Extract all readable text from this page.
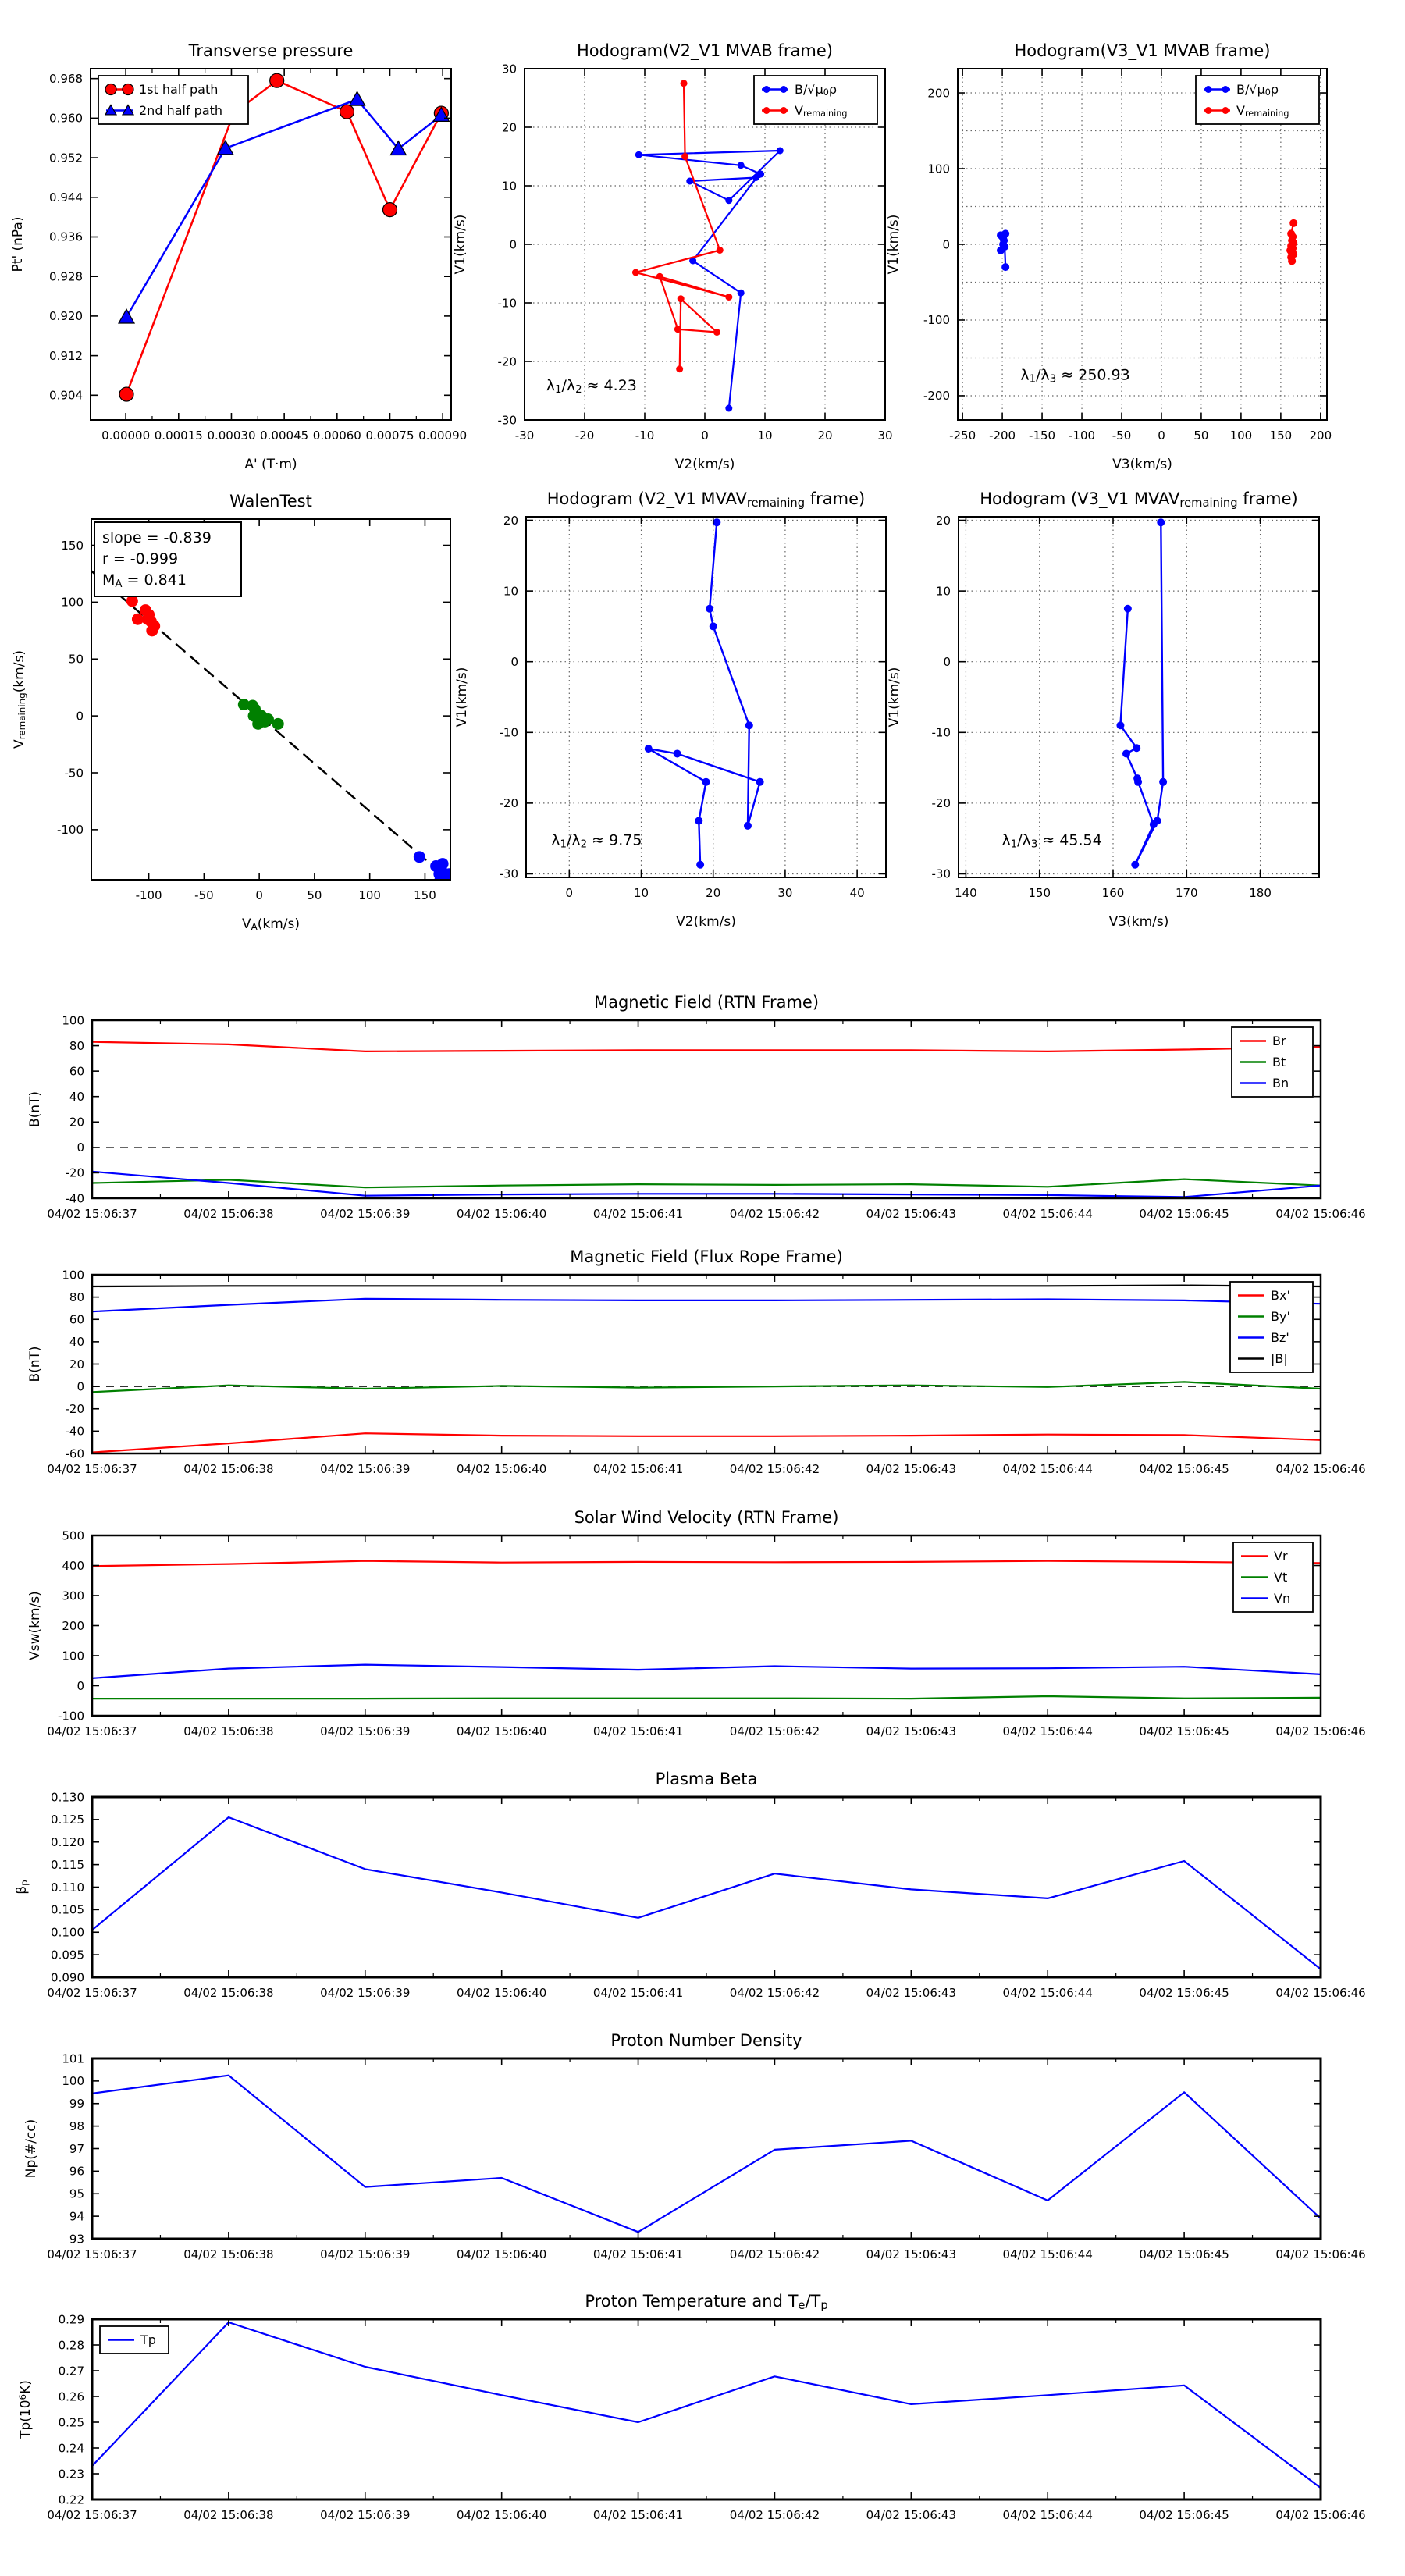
0.00000 0.00015 0.00030 0.00045 0.00060 0.00075 0.00090
0.904
0.912
0.920
0.928
0.936
0.944
0.952
0.960
0.968
Transverse pressure
A' (T·m)
Pt' (nPa)
1st half path
2nd half path
-30	-20	-10	0	10	20	30
-30
-20
-10
0
10
20
30
Hodogram(V2_V1 MVAB frame)
V2(km/s)
V1(km/s)
λ1/λ2 ≈ 4.23
B/√μ0ρ
Vremaining
-250 -200 -150 -100 -50 0 50 100 150 200
-200
-100
0
100
200
Hodogram(V3_V1 MVAB frame)
V3(km/s)
V1(km/s)
λ1/λ3 ≈ 250.93
B/√μ0ρ
Vremaining
-100	-50	0	50	100	150
-100
-50
0
50
100
150
WalenTest
VA(km/s)
Vremaining(km/s)
slope = -0.839
r = -0.999
MA = 0.841
0	10	20	30	40
-30
-20
-10
0
10
20
Hodogram (V2_V1 MVAVremaining frame)
V2(km/s)
V1(km/s)
λ1/λ2 ≈ 9.75
140	150	160	170	180
-30
-20
-10
0
10
20
Hodogram (V3_V1 MVAVremaining frame)
V3(km/s)
V1(km/s)
λ1/λ3 ≈ 45.54
04/02 15:06:37	04/02 15:06:38	04/02 15:06:39	04/02 15:06:40	04/02 15:06:41	04/02 15:06:42	04/02 15:06:43	04/02 15:06:44	04/02 15:06:45	04/02 15:06:46
-40
-20
0
20
40
60
80
100
Magnetic Field (RTN Frame)
B(nT)
Br
Bt
Bn
04/02 15:06:37	04/02 15:06:38	04/02 15:06:39	04/02 15:06:40	04/02 15:06:41	04/02 15:06:42	04/02 15:06:43	04/02 15:06:44	04/02 15:06:45	04/02 15:06:46
-60
-40
-20
0
20
40
60
80
100
Magnetic Field (Flux Rope Frame)
B(nT)
Bx'
By'
Bz'
|B|
04/02 15:06:37	04/02 15:06:38	04/02 15:06:39	04/02 15:06:40	04/02 15:06:41	04/02 15:06:42	04/02 15:06:43	04/02 15:06:44	04/02 15:06:45	04/02 15:06:46
-100
0
100
200
300
400
500
Solar Wind Velocity (RTN Frame)
Vsw(km/s)
Vr
Vt
Vn
04/02 15:06:37	04/02 15:06:38	04/02 15:06:39	04/02 15:06:40	04/02 15:06:41	04/02 15:06:42	04/02 15:06:43	04/02 15:06:44	04/02 15:06:45	04/02 15:06:46
0.090
0.095
0.100
0.105
0.110
0.115
0.120
0.125
0.130
Plasma Beta
βp
04/02 15:06:37	04/02 15:06:38	04/02 15:06:39	04/02 15:06:40	04/02 15:06:41	04/02 15:06:42	04/02 15:06:43	04/02 15:06:44	04/02 15:06:45	04/02 15:06:46
93
94
95
96
97
98
99
100
101
Proton Number Density
Np(#/cc)
04/02 15:06:37	04/02 15:06:38	04/02 15:06:39	04/02 15:06:40	04/02 15:06:41	04/02 15:06:42	04/02 15:06:43	04/02 15:06:44	04/02 15:06:45	04/02 15:06:46
0.22
0.23
0.24
0.25
0.26
0.27
0.28
0.29
Proton Temperature and Te/Tp
Tp(106K)
Tp
